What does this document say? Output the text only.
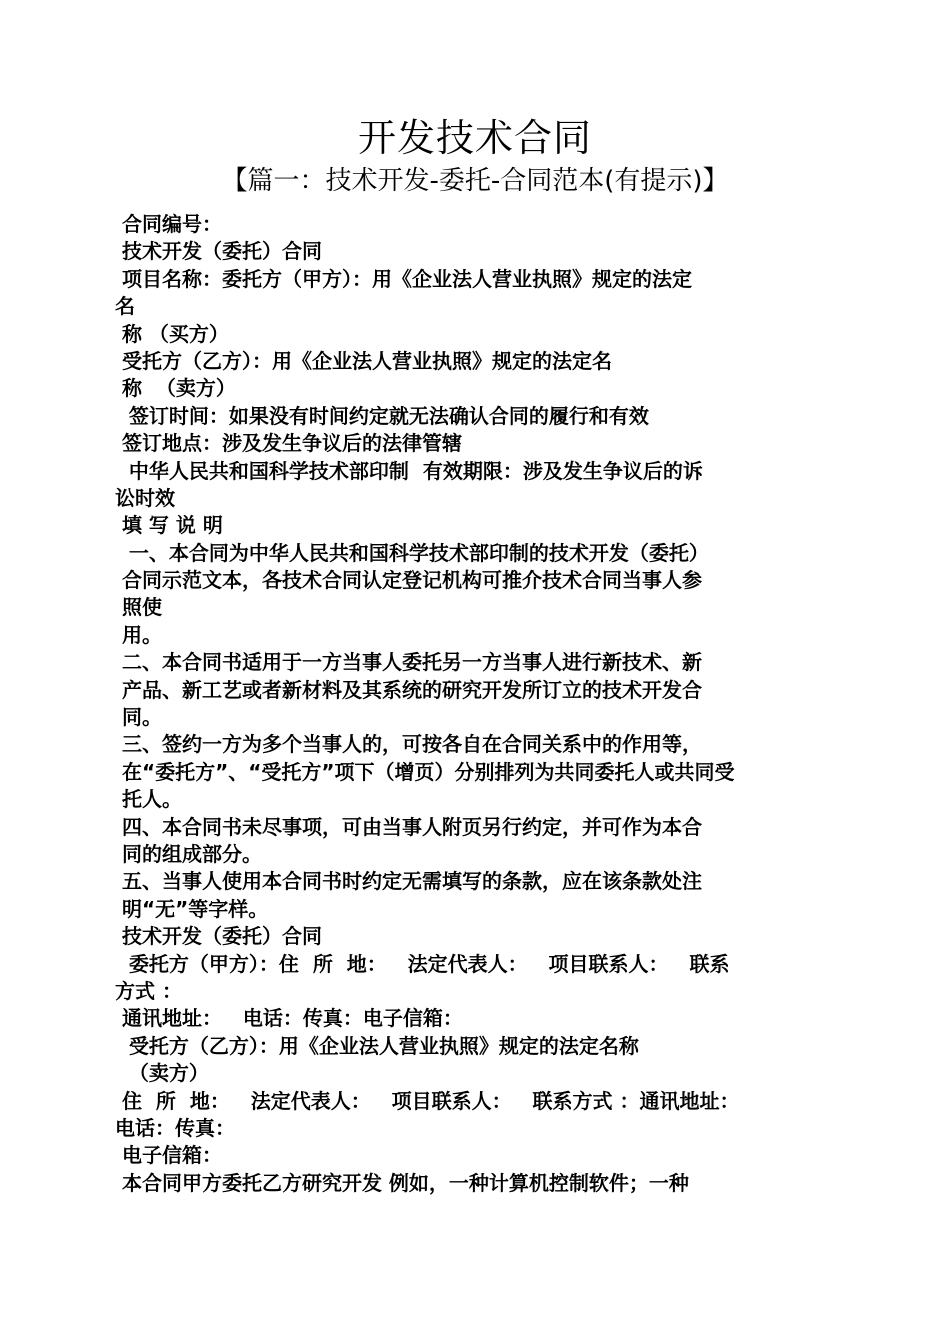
开发技术合同
【篇一：技术开发-委托-合同范本(有提示)】
合同编号：
技术开发（委托）合同
项目名称：委托方（甲方）：用《企业法人营业执照》规定的法定
名
称 （买方）
受托方（乙方）：用《企业法人营业执照》规定的法定名
称  （卖方）
签订时间：如果没有时间约定就无法确认合同的履行和有效
签订地点：涉及发生争议后的法律管辖
中华人民共和国科学技术部印制  有效期限：涉及发生争议后的诉
讼时效
填 写 说 明
一、本合同为中华人民共和国科学技术部印制的技术开发（委托）
合同示范文本，各技术合同认定登记机构可推介技术合同当事人参
照使
用。
二、本合同书适用于一方当事人委托另一方当事人进行新技术、新
产品、新工艺或者新材料及其系统的研究开发所订立的技术开发合
同。
三、签约一方为多个当事人的，可按各自在合同关系中的作用等，
在“委托方”、“受托方”项下（增页）分别排列为共同委托人或共同受
托人。
四、本合同书未尽事项，可由当事人附页另行约定，并可作为本合
同的组成部分。
五、当事人使用本合同书时约定无需填写的条款，应在该条款处注
明“无”等字样。
技术开发（委托）合同
委托方（甲方）：住  所  地：   法定代表人：   项目联系人：   联系
方式 ：
通讯地址：   电话：传真：电子信箱：
受托方（乙方）：用《企业法人营业执照》规定的法定名称
（卖方）
住  所  地：   法定代表人：   项目联系人：   联系方式 ：通讯地址：
电话：传真：
电子信箱：
本合同甲方委托乙方研究开发 例如，一种计算机控制软件；一种
